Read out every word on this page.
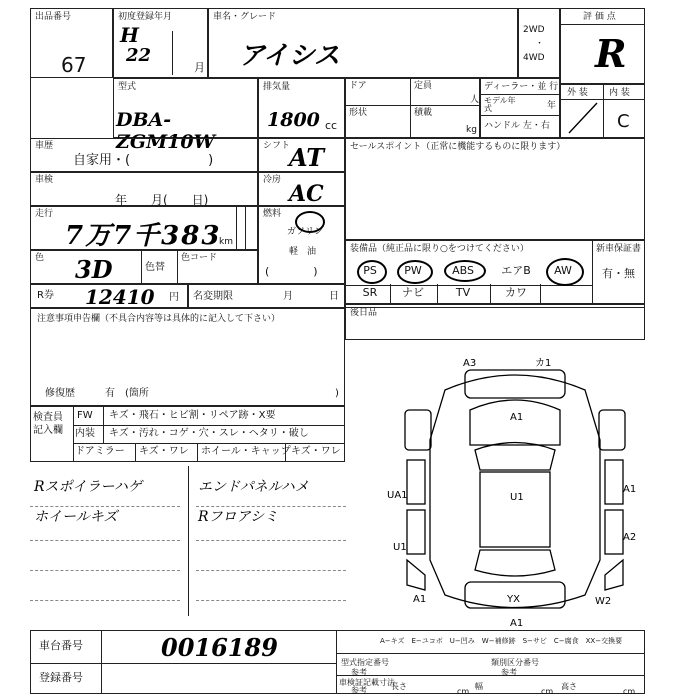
出品番号
67
初度登録年月
H
22
月
車名・グレード
アイシス
2WD
・
4WD
評 価 点
R
型式
DBA-ZGM10W
排気量
1800 cc
ドア	定員
人
形状	積載
kg
ディーラー・並 行
モデル年式	年
ハンドル 左・右
外 装 内 装
C
車歴
自家用・(　　　　　　)
シフト
AT	セールスポイント（正常に機能するものに限ります）
車検
年　　月(　　日)
冷房
AC
走行
7万7千383
km
燃料
ガソリン
軽　油
(　　　　)
色 3D	色替
色コード
装備品（純正品に限り○をつけてください）	新車保証書
有・無
PS	PW	ABS	エアB	AW
SR	ナビ	TV	カワ
R券 12410 円 名変期限	月	日
後日品
注意事項申告欄（不具合内容等は具体的に記入して下さい）
修復歴	有　(箇所	)
検査員記入欄
FW キズ・飛石・ヒビ割・リペア跡・X要
内装 キズ・汚れ・コゲ・穴・スレ・ヘタリ・破し
ドアミラー キズ・ワレ ホイール・キャップ キズ・ワレ
Rスポイラーハゲ
ホイールキズ
エンドパネルハメ
Rフロアシミ
A3	カ1
A1
UA1	U1
A1
A2
U1
A1	YX	W2
A1
A−キズ　E−ユコボ　U−凹み　W−補修跡　S−サビ　C−腐食　XX−交換要
車台番号	0016189
登録番号
型式指定番号
参考
類別区分番号
参考
車検証記載寸法
参考	長さ
cm
幅
cm
高さ
cm
